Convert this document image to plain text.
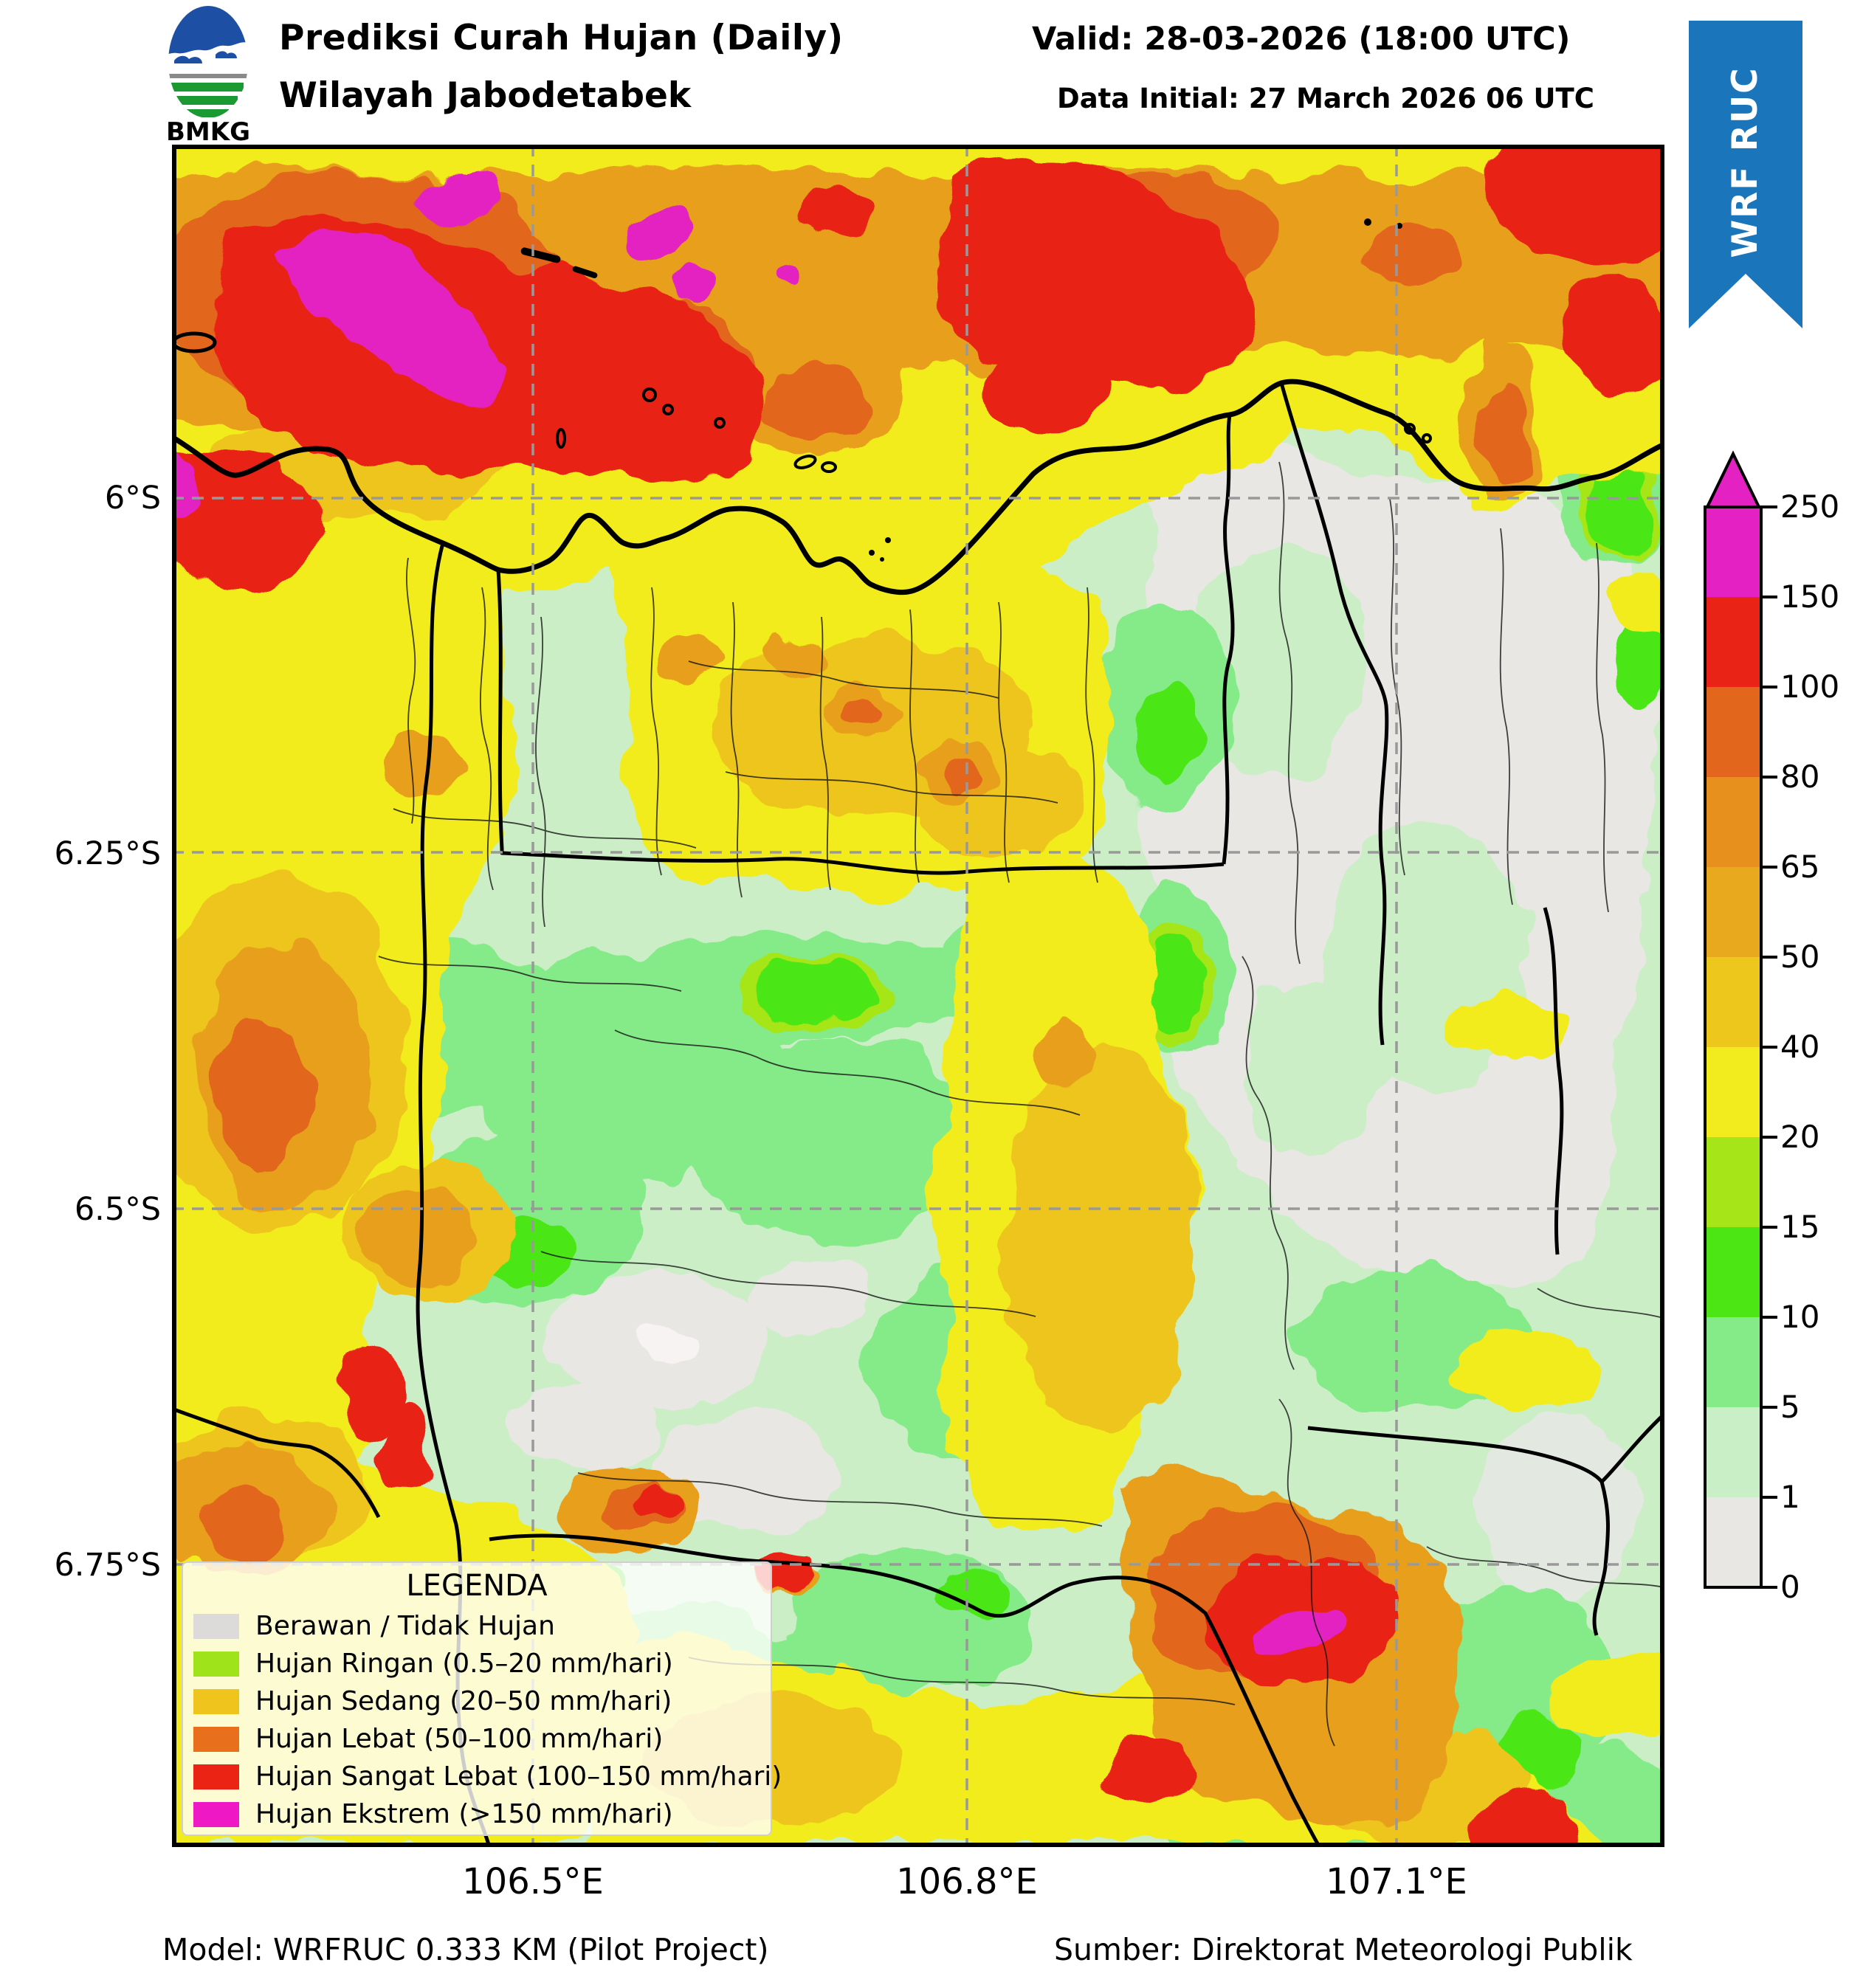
BMKG
Prediksi Curah Hujan (Daily)
Wilayah Jabodetabek
Valid: 28-03-2026 (18:00 UTC)
Data Initial: 27 March 2026 06 UTC	WRF RUC
6°S
6.25°S
6.5°S
6.75°S
106.5°E	106.8°E	107.1°E
250
150
100
80
65
50
40
20
15
10
5
1
0
LEGENDA
Berawan / Tidak Hujan
Hujan Ringan (0.5–20 mm/hari)
Hujan Sedang (20–50 mm/hari)
Hujan Lebat (50–100 mm/hari)
Hujan Sangat Lebat (100–150 mm/hari)
Hujan Ekstrem (>150 mm/hari)
Model: WRFRUC 0.333 KM (Pilot Project)	Sumber: Direktorat Meteorologi Publik
